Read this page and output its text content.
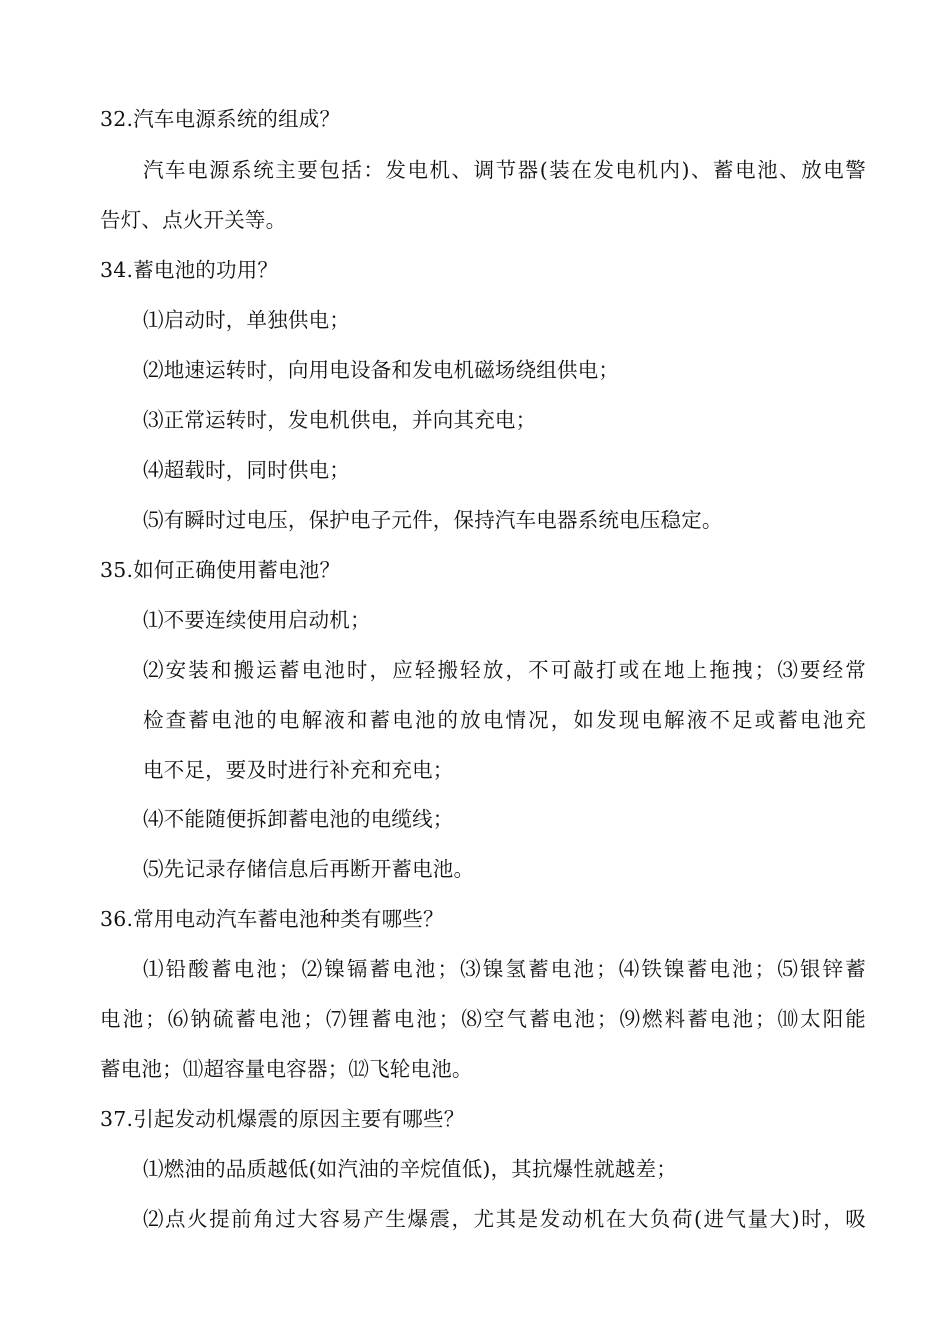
32.汽车电源系统的组成？
汽车电源系统主要包括：发电机、调节器(装在发电机内)、蓄电池、放电警
告灯、点火开关等。
34.蓄电池的功用？
⑴启动时，单独供电；
⑵地速运转时，向用电设备和发电机磁场绕组供电；
⑶正常运转时，发电机供电，并向其充电；
⑷超载时，同时供电；
⑸有瞬时过电压，保护电子元件，保持汽车电器系统电压稳定。
35.如何正确使用蓄电池？
⑴不要连续使用启动机；
⑵安装和搬运蓄电池时，应轻搬轻放，不可敲打或在地上拖拽；⑶要经常
检查蓄电池的电解液和蓄电池的放电情况，如发现电解液不足或蓄电池充
电不足，要及时进行补充和充电；
⑷不能随便拆卸蓄电池的电缆线；
⑸先记录存储信息后再断开蓄电池。
36.常用电动汽车蓄电池种类有哪些？
⑴铅酸蓄电池；⑵镍镉蓄电池；⑶镍氢蓄电池；⑷铁镍蓄电池；⑸银锌蓄
电池；⑹钠硫蓄电池；⑺锂蓄电池；⑻空气蓄电池；⑼燃料蓄电池；⑽太阳能
蓄电池；⑾超容量电容器；⑿飞轮电池。
37.引起发动机爆震的原因主要有哪些？
⑴燃油的品质越低(如汽油的辛烷值低)，其抗爆性就越差；
⑵点火提前角过大容易产生爆震，尤其是发动机在大负荷(进气量大)时，吸
